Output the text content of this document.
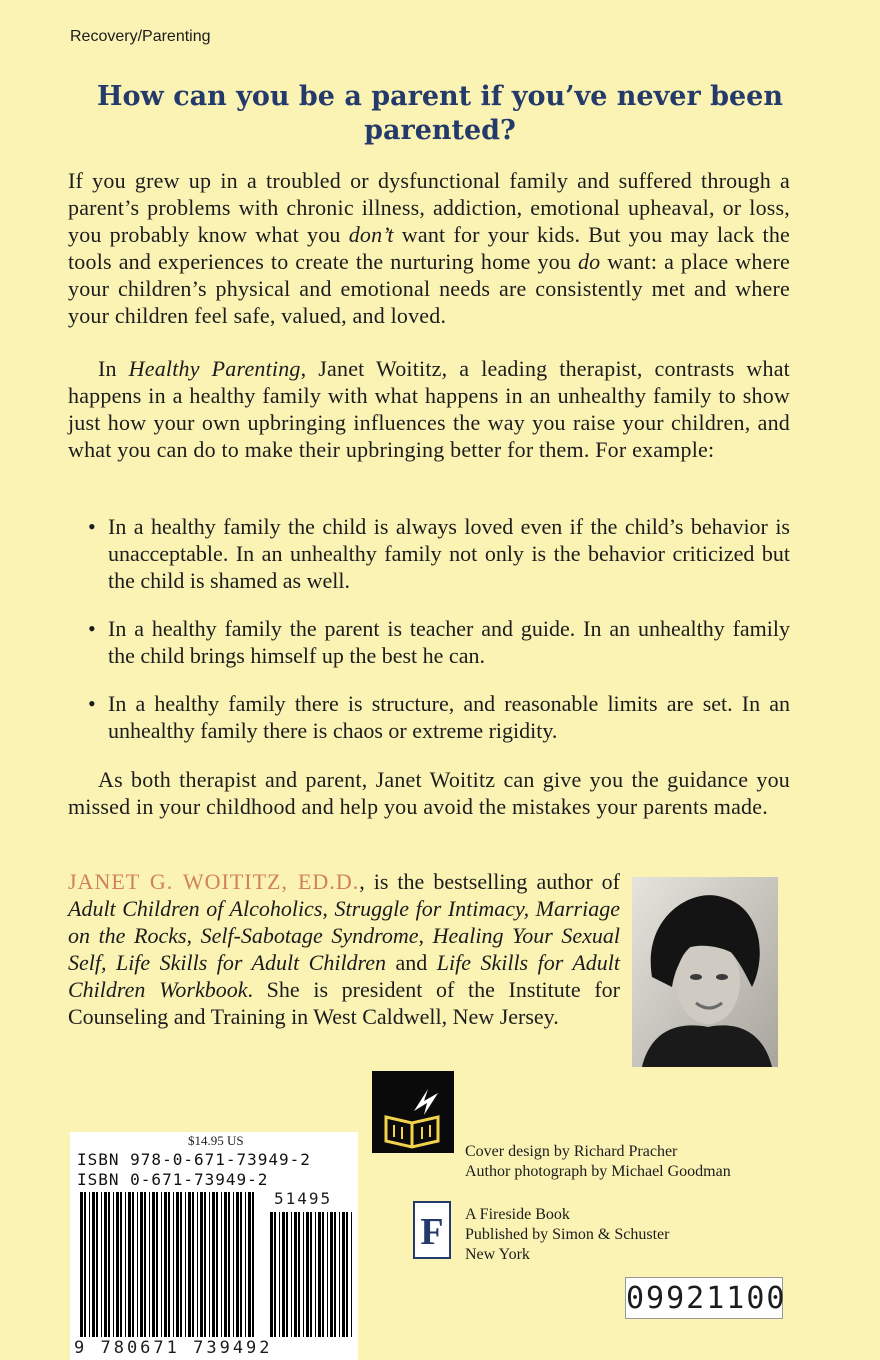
Recovery/Parenting
How can you be a parent if you’ve never been parented?

If you grew up in a troubled or dysfunctional family and suffered through a parent’s problems with chronic illness, addiction, emotional upheaval, or loss, you probably know what you don’t want for your kids. But you may lack the tools and experiences to create the nurturing home you do want: a place where your children’s physical and emotional needs are consistently met and where your children feel safe, valued, and loved.

In Healthy Parenting, Janet Woititz, a leading therapist, contrasts what happens in a healthy family with what happens in an unhealthy family to show just how your own upbringing influences the way you raise your children, and what you can do to make their upbringing better for them. For example:

• In a healthy family the child is always loved even if the child’s behavior is unacceptable. In an unhealthy family not only is the behavior criticized but the child is shamed as well.
• In a healthy family the parent is teacher and guide. In an unhealthy family the child brings himself up the best he can.
• In a healthy family there is structure, and reasonable limits are set. In an unhealthy family there is chaos or extreme rigidity.

As both therapist and parent, Janet Woititz can give you the guidance you missed in your childhood and help you avoid the mistakes your parents made.

JANET G. WOITITZ, ED.D., is the bestselling author of Adult Children of Alcoholics, Struggle for Intimacy, Marriage on the Rocks, Self-Sabotage Syndrome, Healing Your Sexual Self, Life Skills for Adult Children and Life Skills for Adult Children Workbook. She is president of the Institute for Counseling and Training in West Caldwell, New Jersey.

Cover design by Richard Pracher
Author photograph by Michael Goodman
F A Fireside Book
Published by Simon & Schuster
New York
$14.95 US
ISBN 978-0-671-73949-2
ISBN 0-671-73949-2
51495
9 780671 739492
09921100
